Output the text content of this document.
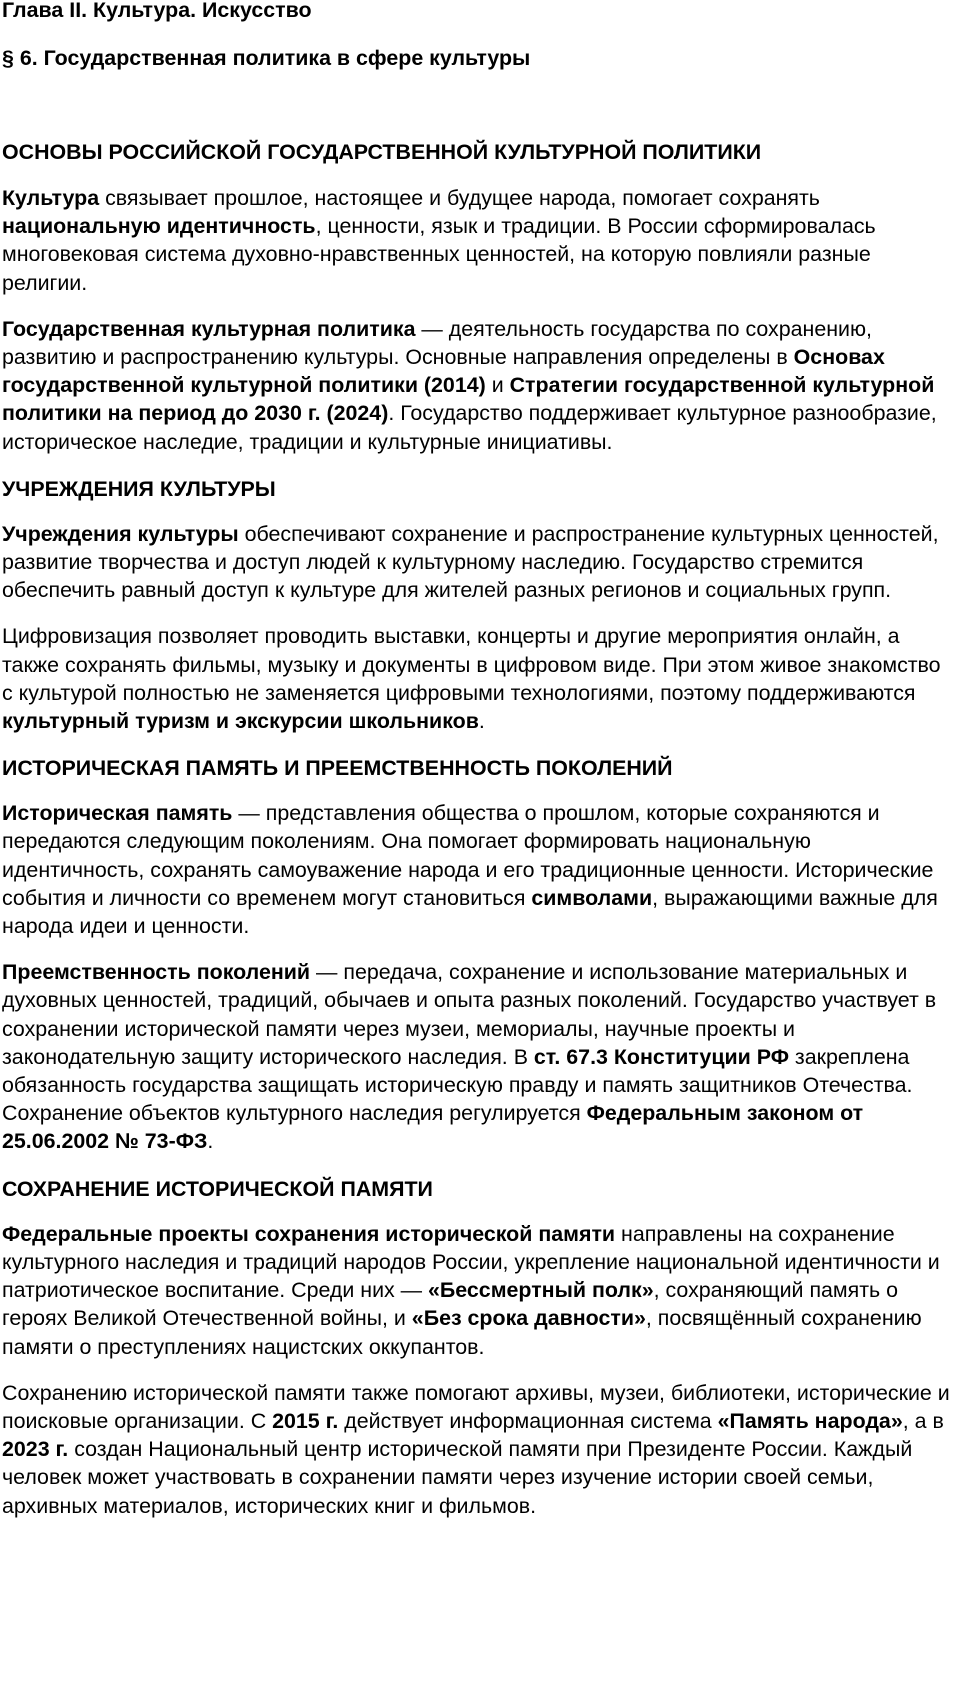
Глава II. Культура. Искусство
§ 6. Государственная политика в сфере культуры
ОСНОВЫ РОССИЙСКОЙ ГОСУДАРСТВЕННОЙ КУЛЬТУРНОЙ ПОЛИТИКИ

Культура связывает прошлое, настоящее и будущее народа, помогает сохранять национальную идентичность, ценности, язык и традиции. В России сформировалась многовековая система духовно-нравственных ценностей, на которую повлияли разные религии.

Государственная культурная политика — деятельность государства по сохранению, развитию и распространению культуры. Основные направления определены в Основах государственной культурной политики (2014) и Стратегии государственной культурной политики на период до 2030 г. (2024). Государство поддерживает культурное разнообразие, историческое наследие, традиции и культурные инициативы.

УЧРЕЖДЕНИЯ КУЛЬТУРЫ

Учреждения культуры обеспечивают сохранение и распространение культурных ценностей, развитие творчества и доступ людей к культурному наследию. Государство стремится обеспечить равный доступ к культуре для жителей разных регионов и социальных групп.

Цифровизация позволяет проводить выставки, концерты и другие мероприятия онлайн, а также сохранять фильмы, музыку и документы в цифровом виде. При этом живое знакомство с культурой полностью не заменяется цифровыми технологиями, поэтому поддерживаются культурный туризм и экскурсии школьников.

ИСТОРИЧЕСКАЯ ПАМЯТЬ И ПРЕЕМСТВЕННОСТЬ ПОКОЛЕНИЙ

Историческая память — представления общества о прошлом, которые сохраняются и передаются следующим поколениям. Она помогает формировать национальную идентичность, сохранять самоуважение народа и его традиционные ценности. Исторические события и личности со временем могут становиться символами, выражающими важные для народа идеи и ценности.

Преемственность поколений — передача, сохранение и использование материальных и духовных ценностей, традиций, обычаев и опыта разных поколений. Государство участвует в сохранении исторической памяти через музеи, мемориалы, научные проекты и законодательную защиту исторического наследия. В ст. 67.3 Конституции РФ закреплена обязанность государства защищать историческую правду и память защитников Отечества. Сохранение объектов культурного наследия регулируется Федеральным законом от 25.06.2002 № 73-ФЗ.

СОХРАНЕНИЕ ИСТОРИЧЕСКОЙ ПАМЯТИ

Федеральные проекты сохранения исторической памяти направлены на сохранение культурного наследия и традиций народов России, укрепление национальной идентичности и патриотическое воспитание. Среди них — «Бессмертный полк», сохраняющий память о героях Великой Отечественной войны, и «Без срока давности», посвящённый сохранению памяти о преступлениях нацистских оккупантов.

Сохранению исторической памяти также помогают архивы, музеи, библиотеки, исторические и поисковые организации. С 2015 г. действует информационная система «Память народа», а в 2023 г. создан Национальный центр исторической памяти при Президенте России. Каждый человек может участвовать в сохранении памяти через изучение истории своей семьи, архивных материалов, исторических книг и фильмов.
